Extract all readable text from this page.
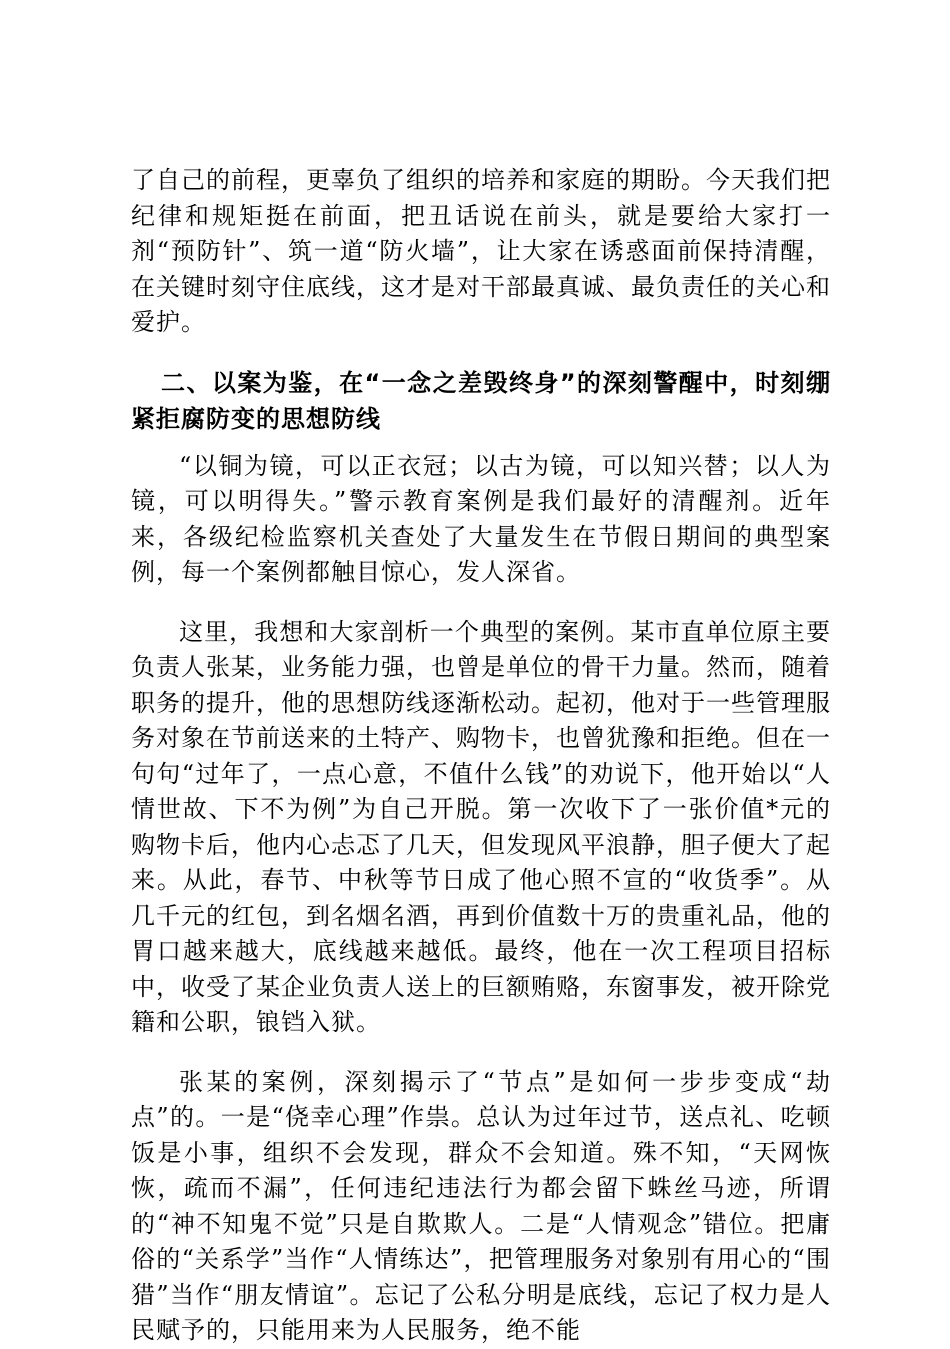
了自己的前程，更辜负了组织的培养和家庭的期盼。今天我们把纪律和规矩挺在前面，把丑话说在前头，就是要给大家打一剂“预防针”、筑一道“防火墙”，让大家在诱惑面前保持清醒，在关键时刻守住底线，这才是对干部最真诚、最负责任的关心和爱护。

二、以案为鉴，在“一念之差毁终身”的深刻警醒中，时刻绷紧拒腐防变的思想防线

“以铜为镜，可以正衣冠；以古为镜，可以知兴替；以人为镜，可以明得失。”警示教育案例是我们最好的清醒剂。近年来，各级纪检监察机关查处了大量发生在节假日期间的典型案例，每一个案例都触目惊心，发人深省。

这里，我想和大家剖析一个典型的案例。某市直单位原主要负责人张某，业务能力强，也曾是单位的骨干力量。然而，随着职务的提升，他的思想防线逐渐松动。起初，他对于一些管理服务对象在节前送来的土特产、购物卡，也曾犹豫和拒绝。但在一句句“过年了，一点心意，不值什么钱”的劝说下，他开始以“人情世故、下不为例”为自己开脱。第一次收下了一张价值*元的购物卡后，他内心忐忑了几天，但发现风平浪静，胆子便大了起来。从此，春节、中秋等节日成了他心照不宣的“收货季”。从几千元的红包，到名烟名酒，再到价值数十万的贵重礼品，他的胃口越来越大，底线越来越低。最终，他在一次工程项目招标中，收受了某企业负责人送上的巨额贿赂，东窗事发，被开除党籍和公职，锒铛入狱。

张某的案例，深刻揭示了“节点”是如何一步步变成“劫点”的。一是“侥幸心理”作祟。总认为过年过节，送点礼、吃顿饭是小事，组织不会发现，群众不会知道。殊不知，“天网恢恢，疏而不漏”，任何违纪违法行为都会留下蛛丝马迹，所谓的“神不知鬼不觉”只是自欺欺人。二是“人情观念”错位。把庸俗的“关系学”当作“人情练达”，把管理服务对象别有用心的“围猎”当作“朋友情谊”。忘记了公私分明是底线，忘记了权力是人民赋予的，只能用来为人民服务，绝不能
